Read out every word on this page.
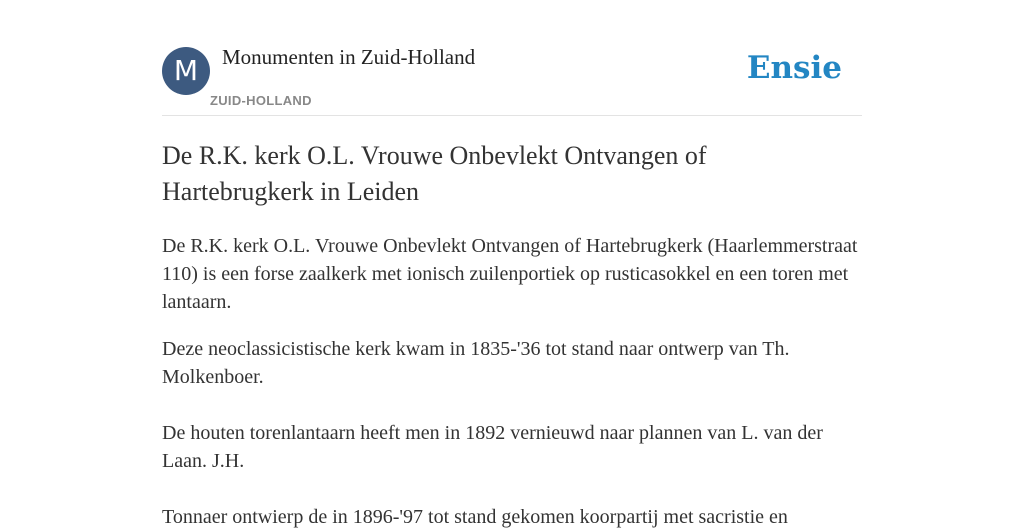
M	Monumenten in Zuid-Holland
ZUID-HOLLAND
Ensie
De R.K. kerk O.L. Vrouwe Onbevlekt Ontvangen of Hartebrugkerk in Leiden

De R.K. kerk O.L. Vrouwe Onbevlekt Ontvangen of Hartebrugkerk (Haarlemmerstraat 110) is een forse zaalkerk met ionisch zuilenportiek op rusticasokkel en een toren met lantaarn.

Deze neoclassicistische kerk kwam in 1835-'36 tot stand naar ontwerp van Th. Molkenboer.

De houten torenlantaarn heeft men in 1892 vernieuwd naar plannen van L. van der Laan. J.H.

Tonnaer ontwierp de in 1896-'97 tot stand gekomen koorpartij met sacristie en
